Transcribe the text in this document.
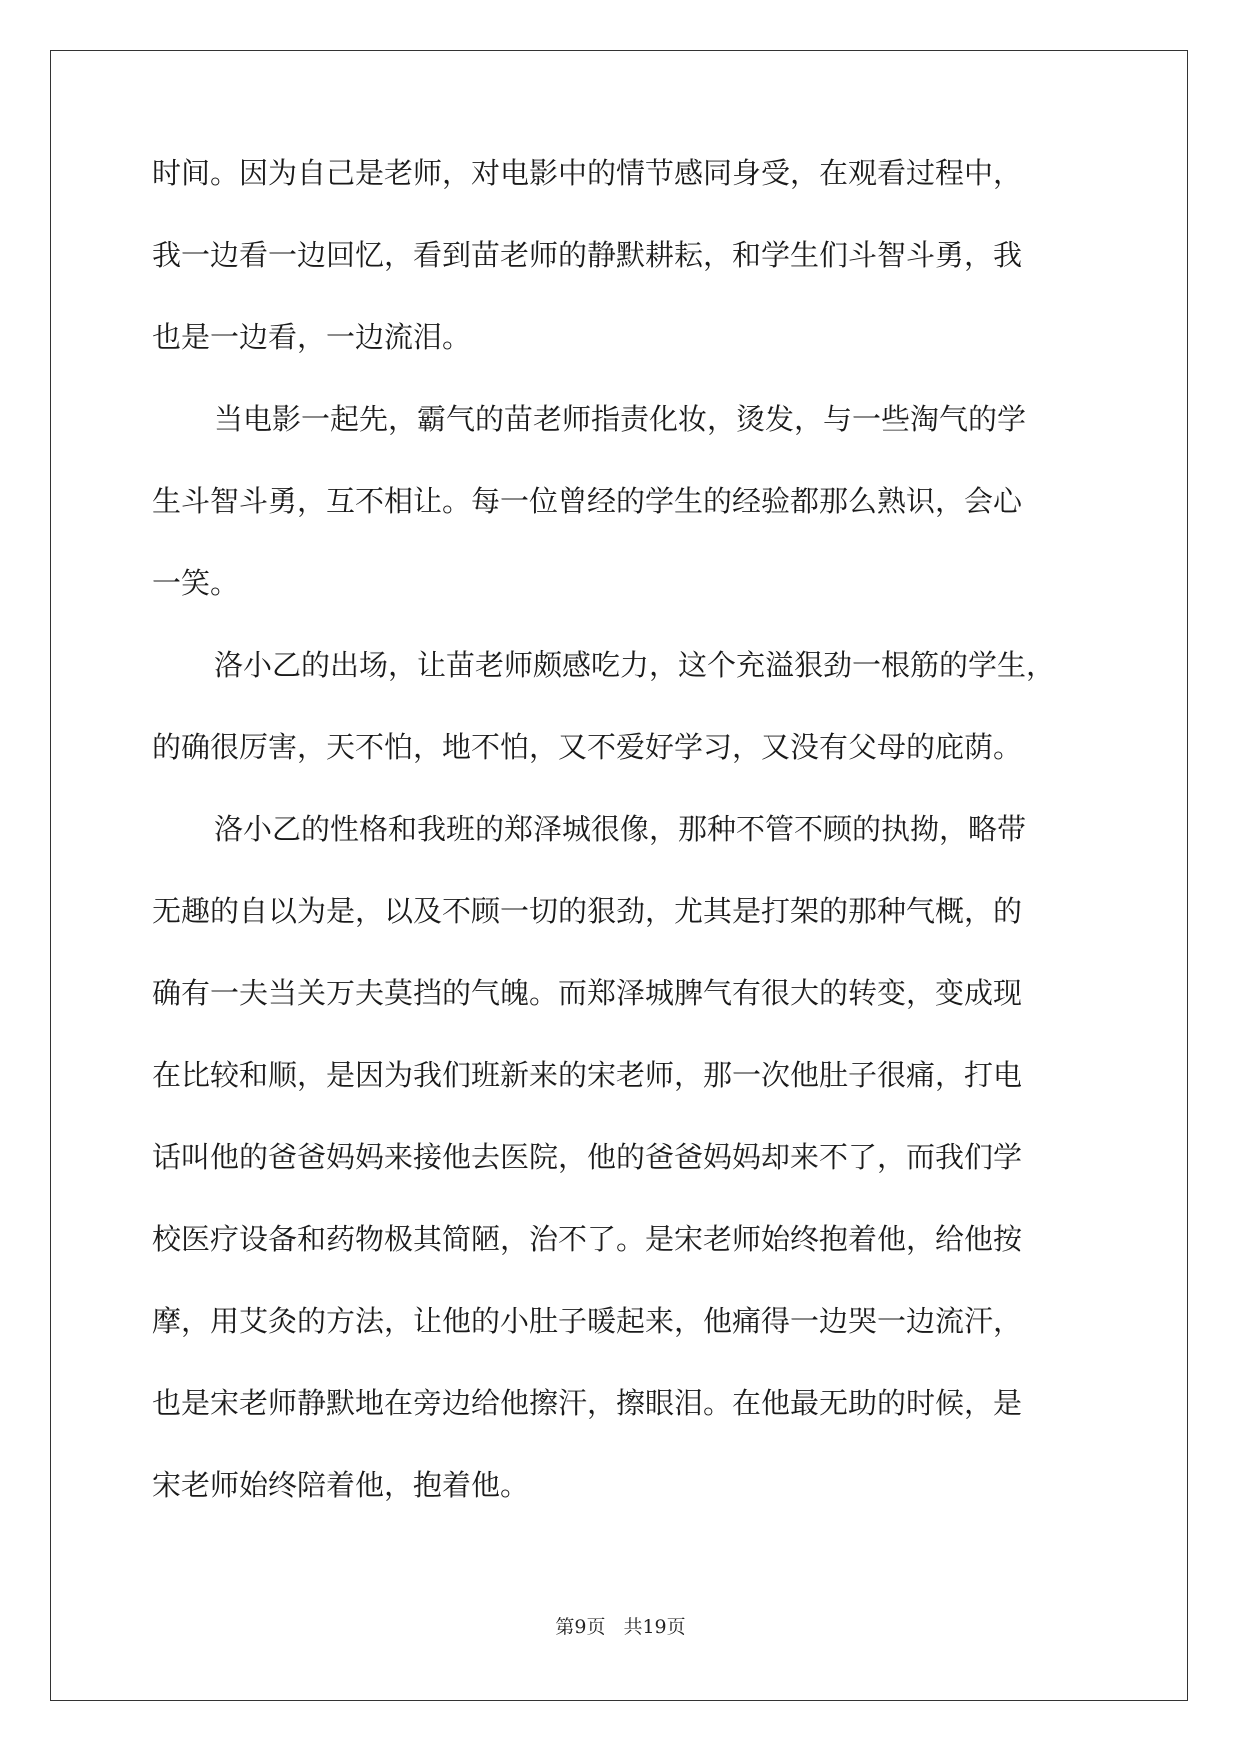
时间。因为自己是老师，对电影中的情节感同身受，在观看过程中，
我一边看一边回忆，看到苗老师的静默耕耘，和学生们斗智斗勇，我
也是一边看，一边流泪。
当电影一起先，霸气的苗老师指责化妆，烫发，与一些淘气的学
生斗智斗勇，互不相让。每一位曾经的学生的经验都那么熟识，会心
一笑。
洛小乙的出场，让苗老师颇感吃力，这个充溢狠劲一根筋的学生，
的确很厉害，天不怕，地不怕，又不爱好学习，又没有父母的庇荫。
洛小乙的性格和我班的郑泽城很像，那种不管不顾的执拗，略带
无趣的自以为是，以及不顾一切的狠劲，尤其是打架的那种气概，的
确有一夫当关万夫莫挡的气魄。而郑泽城脾气有很大的转变，变成现
在比较和顺，是因为我们班新来的宋老师，那一次他肚子很痛，打电
话叫他的爸爸妈妈来接他去医院，他的爸爸妈妈却来不了，而我们学
校医疗设备和药物极其简陋，治不了。是宋老师始终抱着他，给他按
摩，用艾灸的方法，让他的小肚子暖起来，他痛得一边哭一边流汗，
也是宋老师静默地在旁边给他擦汗，擦眼泪。在他最无助的时候，是
宋老师始终陪着他，抱着他。
第9页 共19页
